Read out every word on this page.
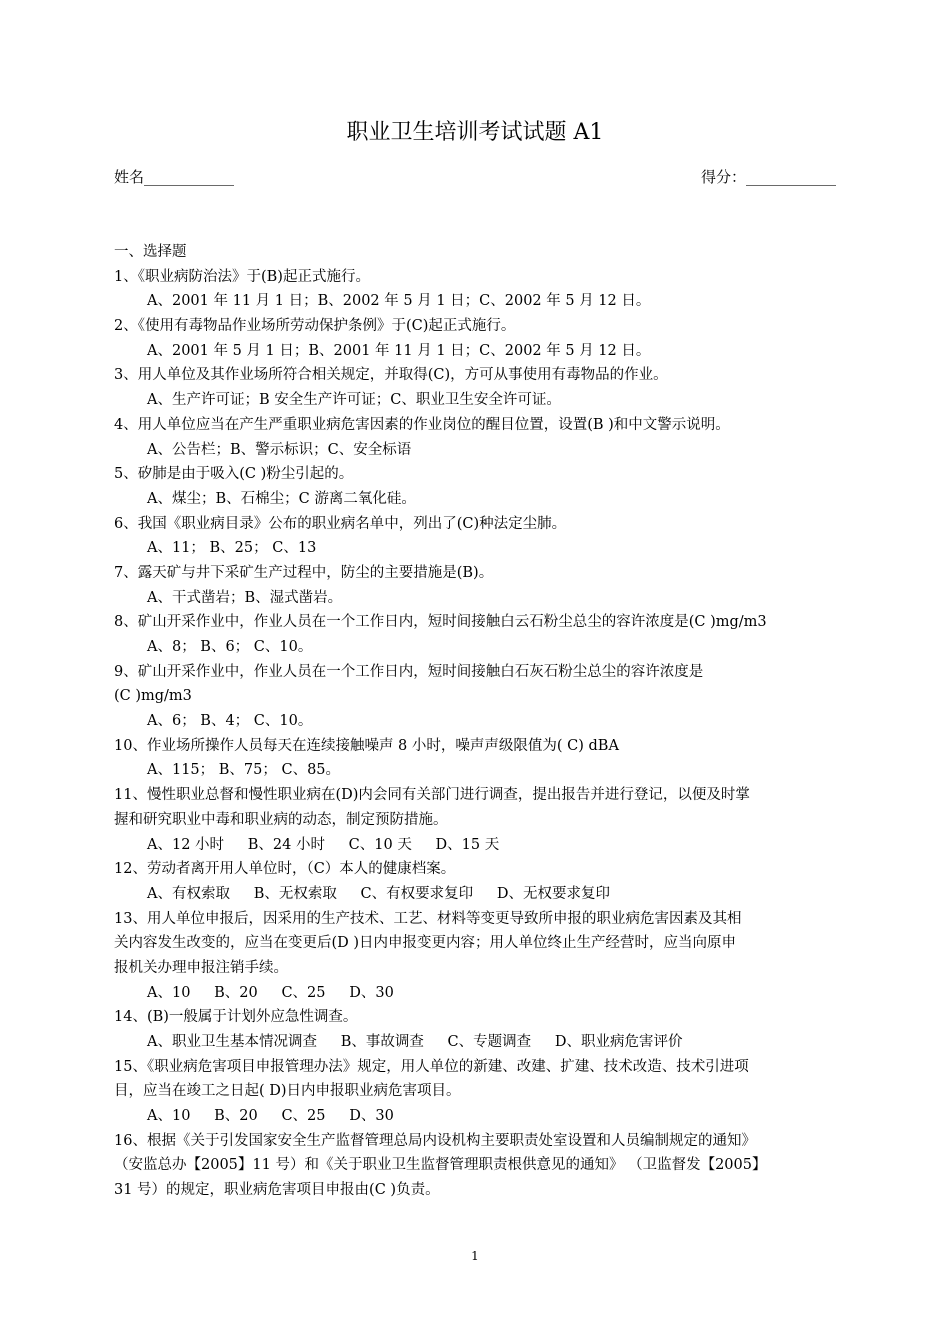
职业卫生培训考试试题 A1
姓名____________	得分：____________
一、选择题
1、《职业病防治法》于(B)起正式施行。
A、2001 年 11 月 1 日；B、2002 年 5 月 1 日；C、2002 年 5 月 12 日。
2、《使用有毒物品作业场所劳动保护条例》于(C)起正式施行。
A、2001 年 5 月 1 日；B、2001 年 11 月 1 日；C、2002 年 5 月 12 日。
3、用人单位及其作业场所符合相关规定，并取得(C)，方可从事使用有毒物品的作业。
A、生产许可证；B 安全生产许可证；C、职业卫生安全许可证。
4、用人单位应当在产生严重职业病危害因素的作业岗位的醒目位置，设置(B )和中文警示说明。
A、公告栏；B、警示标识；C、安全标语
5、矽肺是由于吸入(C )粉尘引起的。
A、煤尘；B、石棉尘；C 游离二氧化硅。
6、我国《职业病目录》公布的职业病名单中，列出了(C)种法定尘肺。
A、11； B、25； C、13
7、露天矿与井下采矿生产过程中，防尘的主要措施是(B)。
A、干式凿岩；B、湿式凿岩。
8、矿山开采作业中，作业人员在一个工作日内，短时间接触白云石粉尘总尘的容许浓度是(C )mg/m3
A、8； B、6； C、10。
9、矿山开采作业中，作业人员在一个工作日内，短时间接触白石灰石粉尘总尘的容许浓度是
(C )mg/m3
A、6； B、4； C、10。
10、作业场所操作人员每天在连续接触噪声 8 小时，噪声声级限值为( C) dBA
A、115； B、75； C、85。
11、慢性职业总督和慢性职业病在(D)内会同有关部门进行调查，提出报告并进行登记，以便及时掌
握和研究职业中毒和职业病的动态，制定预防措施。
A、12 小时 　 B、24 小时 　 C、10 天 　 D、15 天
12、劳动者离开用人单位时，（C）本人的健康档案。
A、有权索取 　 B、无权索取 　 C、有权要求复印 　 D、无权要求复印
13、用人单位申报后，因采用的生产技术、工艺、材料等变更导致所申报的职业病危害因素及其相
关内容发生改变的，应当在变更后(D )日内申报变更内容；用人单位终止生产经营时，应当向原申
报机关办理申报注销手续。
A、10 　 B、20 　 C、25 　 D、30
14、(B)一般属于计划外应急性调查。
A、职业卫生基本情况调查 　 B、事故调查 　 C、专题调查 　 D、职业病危害评价
15、《职业病危害项目申报管理办法》规定，用人单位的新建、改建、扩建、技术改造、技术引进项
目，应当在竣工之日起( D)日内申报职业病危害项目。
A、10 　 B、20 　 C、25 　 D、30
16、根据《关于引发国家安全生产监督管理总局内设机构主要职责处室设置和人员编制规定的通知》
（安监总办【2005】11 号）和《关于职业卫生监督管理职责根供意见的通知》 （卫监督发【2005】
31 号）的规定，职业病危害项目申报由(C )负责。
1
